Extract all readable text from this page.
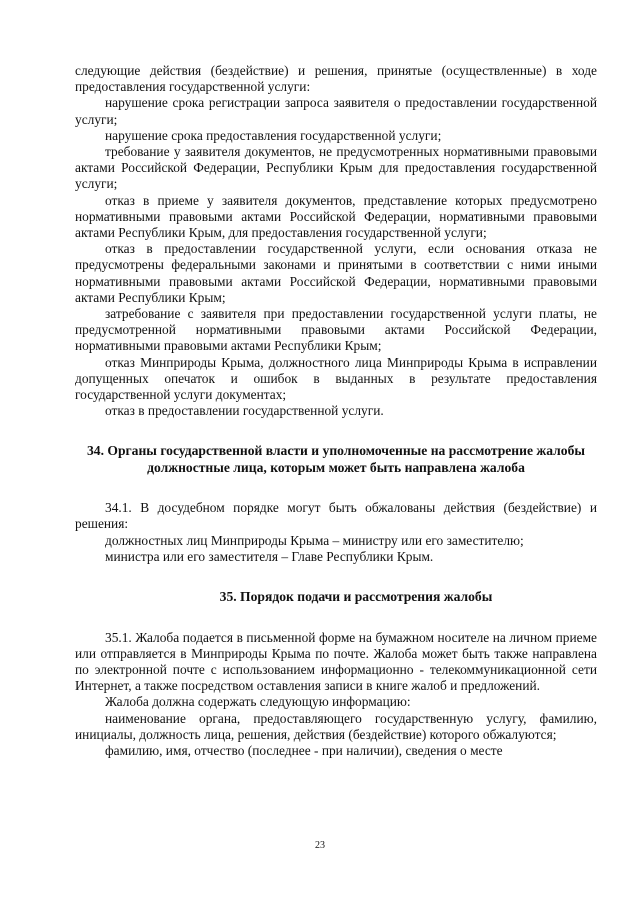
следующие действия (бездействие) и решения, принятые (осуществленные) в ходе предоставления государственной услуги:

нарушение срока регистрации запроса заявителя о предоставлении государственной услуги;

нарушение срока предоставления государственной услуги;

требование у заявителя документов, не предусмотренных нормативными правовыми актами Российской Федерации, Республики Крым для предоставления государственной услуги;

отказ в приеме у заявителя документов, представление которых предусмотрено нормативными правовыми актами Российской Федерации, нормативными правовыми актами Республики Крым, для предоставления государственной услуги;

отказ в предоставлении государственной услуги, если основания отказа не предусмотрены федеральными законами и принятыми в соответствии с ними иными нормативными правовыми актами Российской Федерации, нормативными правовыми актами Республики Крым;

затребование с заявителя при предоставлении государственной услуги платы, не предусмотренной нормативными правовыми актами Российской Федерации, нормативными правовыми актами Республики Крым;

отказ Минприроды Крыма, должностного лица Минприроды Крыма в исправлении допущенных опечаток и ошибок в выданных в результате предоставления государственной услуги документах;

отказ в предоставлении государственной услуги.

34. Органы государственной власти и уполномоченные на рассмотрение жалобы должностные лица, которым может быть направлена жалоба

34.1. В досудебном порядке могут быть обжалованы действия (бездействие) и решения:

должностных лиц Минприроды Крыма – министру или его заместителю;

министра или его заместителя – Главе Республики Крым.

35. Порядок подачи и рассмотрения жалобы

35.1. Жалоба подается в письменной форме на бумажном носителе на личном приеме или отправляется в Минприроды Крыма по почте. Жалоба может быть также направлена по электронной почте с использованием информационно - телекоммуникационной сети Интернет, а также посредством оставления записи в книге жалоб и предложений.

Жалоба должна содержать следующую информацию:

наименование органа, предоставляющего государственную услугу, фамилию, инициалы, должность лица, решения, действия (бездействие) которого обжалуются;

фамилию, имя, отчество (последнее - при наличии), сведения о месте

23
